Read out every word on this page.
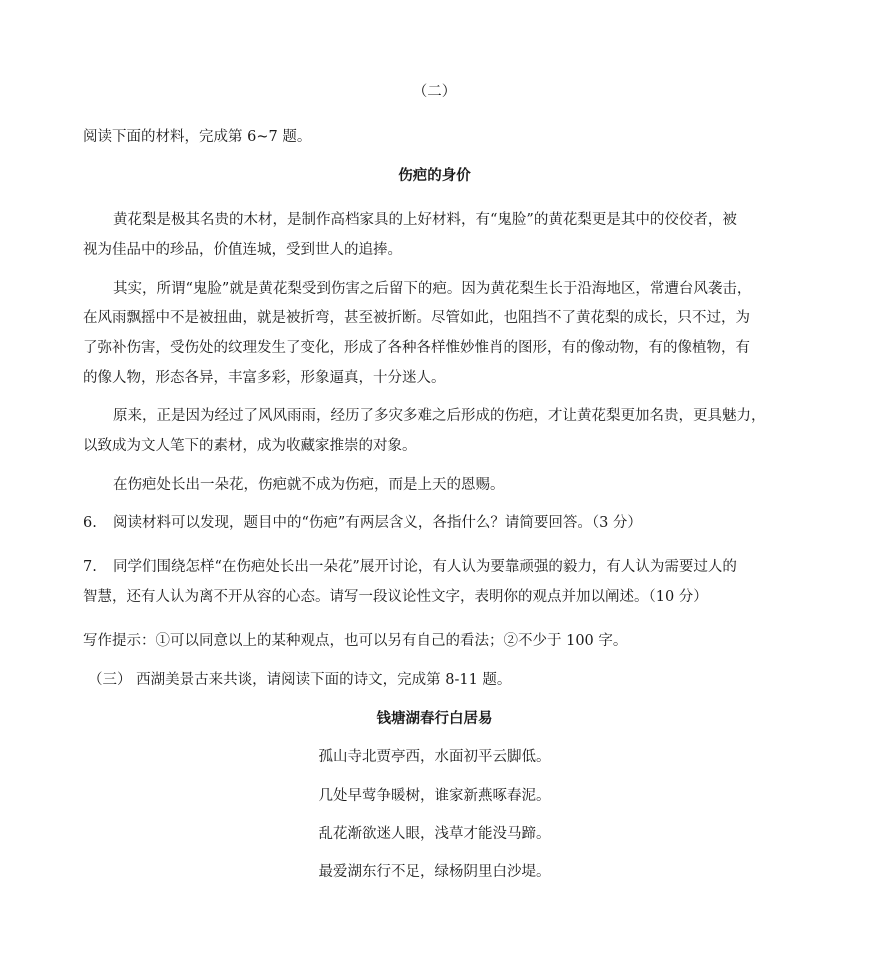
（二）
阅读下面的材料，完成第 6~7 题。
伤疤的身价
黄花梨是极其名贵的木材，是制作高档家具的上好材料，有“鬼脸”的黄花梨更是其中的佼佼者，被
视为佳品中的珍品，价值连城，受到世人的追捧。
其实，所谓“鬼脸”就是黄花梨受到伤害之后留下的疤。因为黄花梨生长于沿海地区，常遭台风袭击，
在风雨飘摇中不是被扭曲，就是被折弯，甚至被折断。尽管如此，也阻挡不了黄花梨的成长，只不过，为
了弥补伤害，受伤处的纹理发生了变化，形成了各种各样惟妙惟肖的图形，有的像动物，有的像植物，有
的像人物，形态各异，丰富多彩，形象逼真，十分迷人。
原来，正是因为经过了风风雨雨，经历了多灾多难之后形成的伤疤，才让黄花梨更加名贵，更具魅力，
以致成为文人笔下的素材，成为收藏家推崇的对象。
在伤疤处长出一朵花，伤疤就不成为伤疤，而是上天的恩赐。
6. 阅读材料可以发现，题目中的“伤疤”有两层含义，各指什么？请简要回答。（3 分）
7. 同学们围绕怎样“在伤疤处长出一朵花”展开讨论，有人认为要靠顽强的毅力，有人认为需要过人的
智慧，还有人认为离不开从容的心态。请写一段议论性文字，表明你的观点并加以阐述。（10 分）
写作提示：①可以同意以上的某种观点，也可以另有自己的看法；②不少于 100 字。
（三） 西湖美景古来共谈，请阅读下面的诗文，完成第 8-11 题。
钱塘湖春行白居易
孤山寺北贾亭西，水面初平云脚低。
几处早莺争暖树，谁家新燕啄春泥。
乱花渐欲迷人眼，浅草才能没马蹄。
最爱湖东行不足，绿杨阴里白沙堤。
